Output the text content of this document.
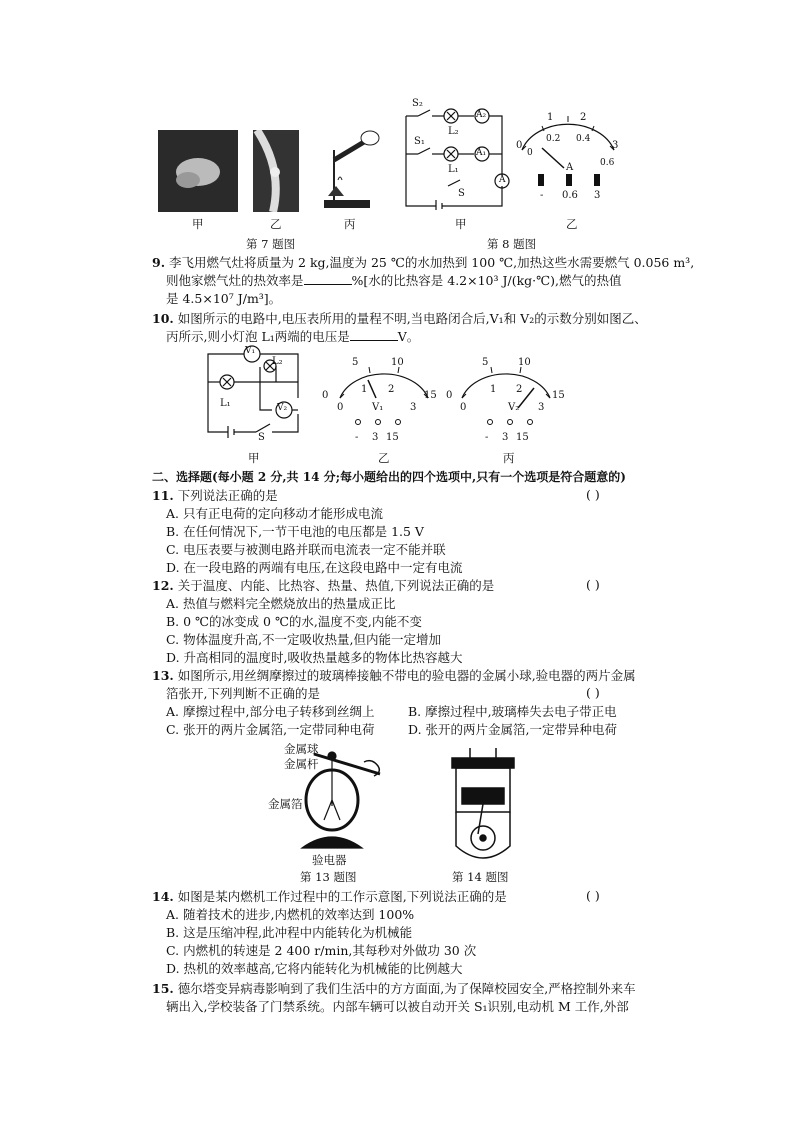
甲	乙	丙
第 7 题图
S₂
S₁
L₂
L₁
S
A₂
A₁
A
0
1	2
3
0
0.2 0.4
0.6
A
- 0.6 3
甲	乙
第 8 题图
9. 李飞用燃气灶将质量为 2 kg,温度为 25 ℃的水加热到 100 ℃,加热这些水需要燃气 0.056 m³,
则他家燃气灶的热效率是	%[水的比热容是 4.2×10³ J/(kg·℃),燃气的热值
是 4.5×10⁷ J/m³]。
10. 如图所示的电路中,电压表所用的量程不明,当电路闭合后,V₁和 V₂的示数分别如图乙、
丙所示,则小灯泡 L₁两端的电压是	V。
V₁
L₂
L₁	V₂
S
甲
5	10
0	15
0
1 2
3
V₁
- 3 15
乙
5	10
0	15
0
1 2
3
V₂
- 3 15
丙
二、选择题(每小题 2 分,共 14 分;每小题给出的四个选项中,只有一个选项是符合题意的)
11. 下列说法正确的是	( )
A. 只有正电荷的定向移动才能形成电流
B. 在任何情况下,一节干电池的电压都是 1.5 V
C. 电压表要与被测电路并联而电流表一定不能并联
D. 在一段电路的两端有电压,在这段电路中一定有电流
12. 关于温度、内能、比热容、热量、热值,下列说法正确的是	( )
A. 热值与燃料完全燃烧放出的热量成正比
B. 0 ℃的冰变成 0 ℃的水,温度不变,内能不变
C. 物体温度升高,不一定吸收热量,但内能一定增加
D. 升高相同的温度时,吸收热量越多的物体比热容越大
13. 如图所示,用丝绸摩擦过的玻璃棒接触不带电的验电器的金属小球,验电器的两片金属
箔张开,下列判断不正确的是	( )
A. 摩擦过程中,部分电子转移到丝绸上	B. 摩擦过程中,玻璃棒失去电子带正电
C. 张开的两片金属箔,一定带同种电荷	D. 张开的两片金属箔,一定带异种电荷
金属球
金属杆
金属箔
验电器
第 13 题图	第 14 题图
14. 如图是某内燃机工作过程中的工作示意图,下列说法正确的是	( )
A. 随着技术的进步,内燃机的效率达到 100%
B. 这是压缩冲程,此冲程中内能转化为机械能
C. 内燃机的转速是 2 400 r/min,其每秒对外做功 30 次
D. 热机的效率越高,它将内能转化为机械能的比例越大
15. 德尔塔变异病毒影响到了我们生活中的方方面面,为了保障校园安全,严格控制外来车
辆出入,学校装备了门禁系统。内部车辆可以被自动开关 S₁识别,电动机 M 工作,外部
